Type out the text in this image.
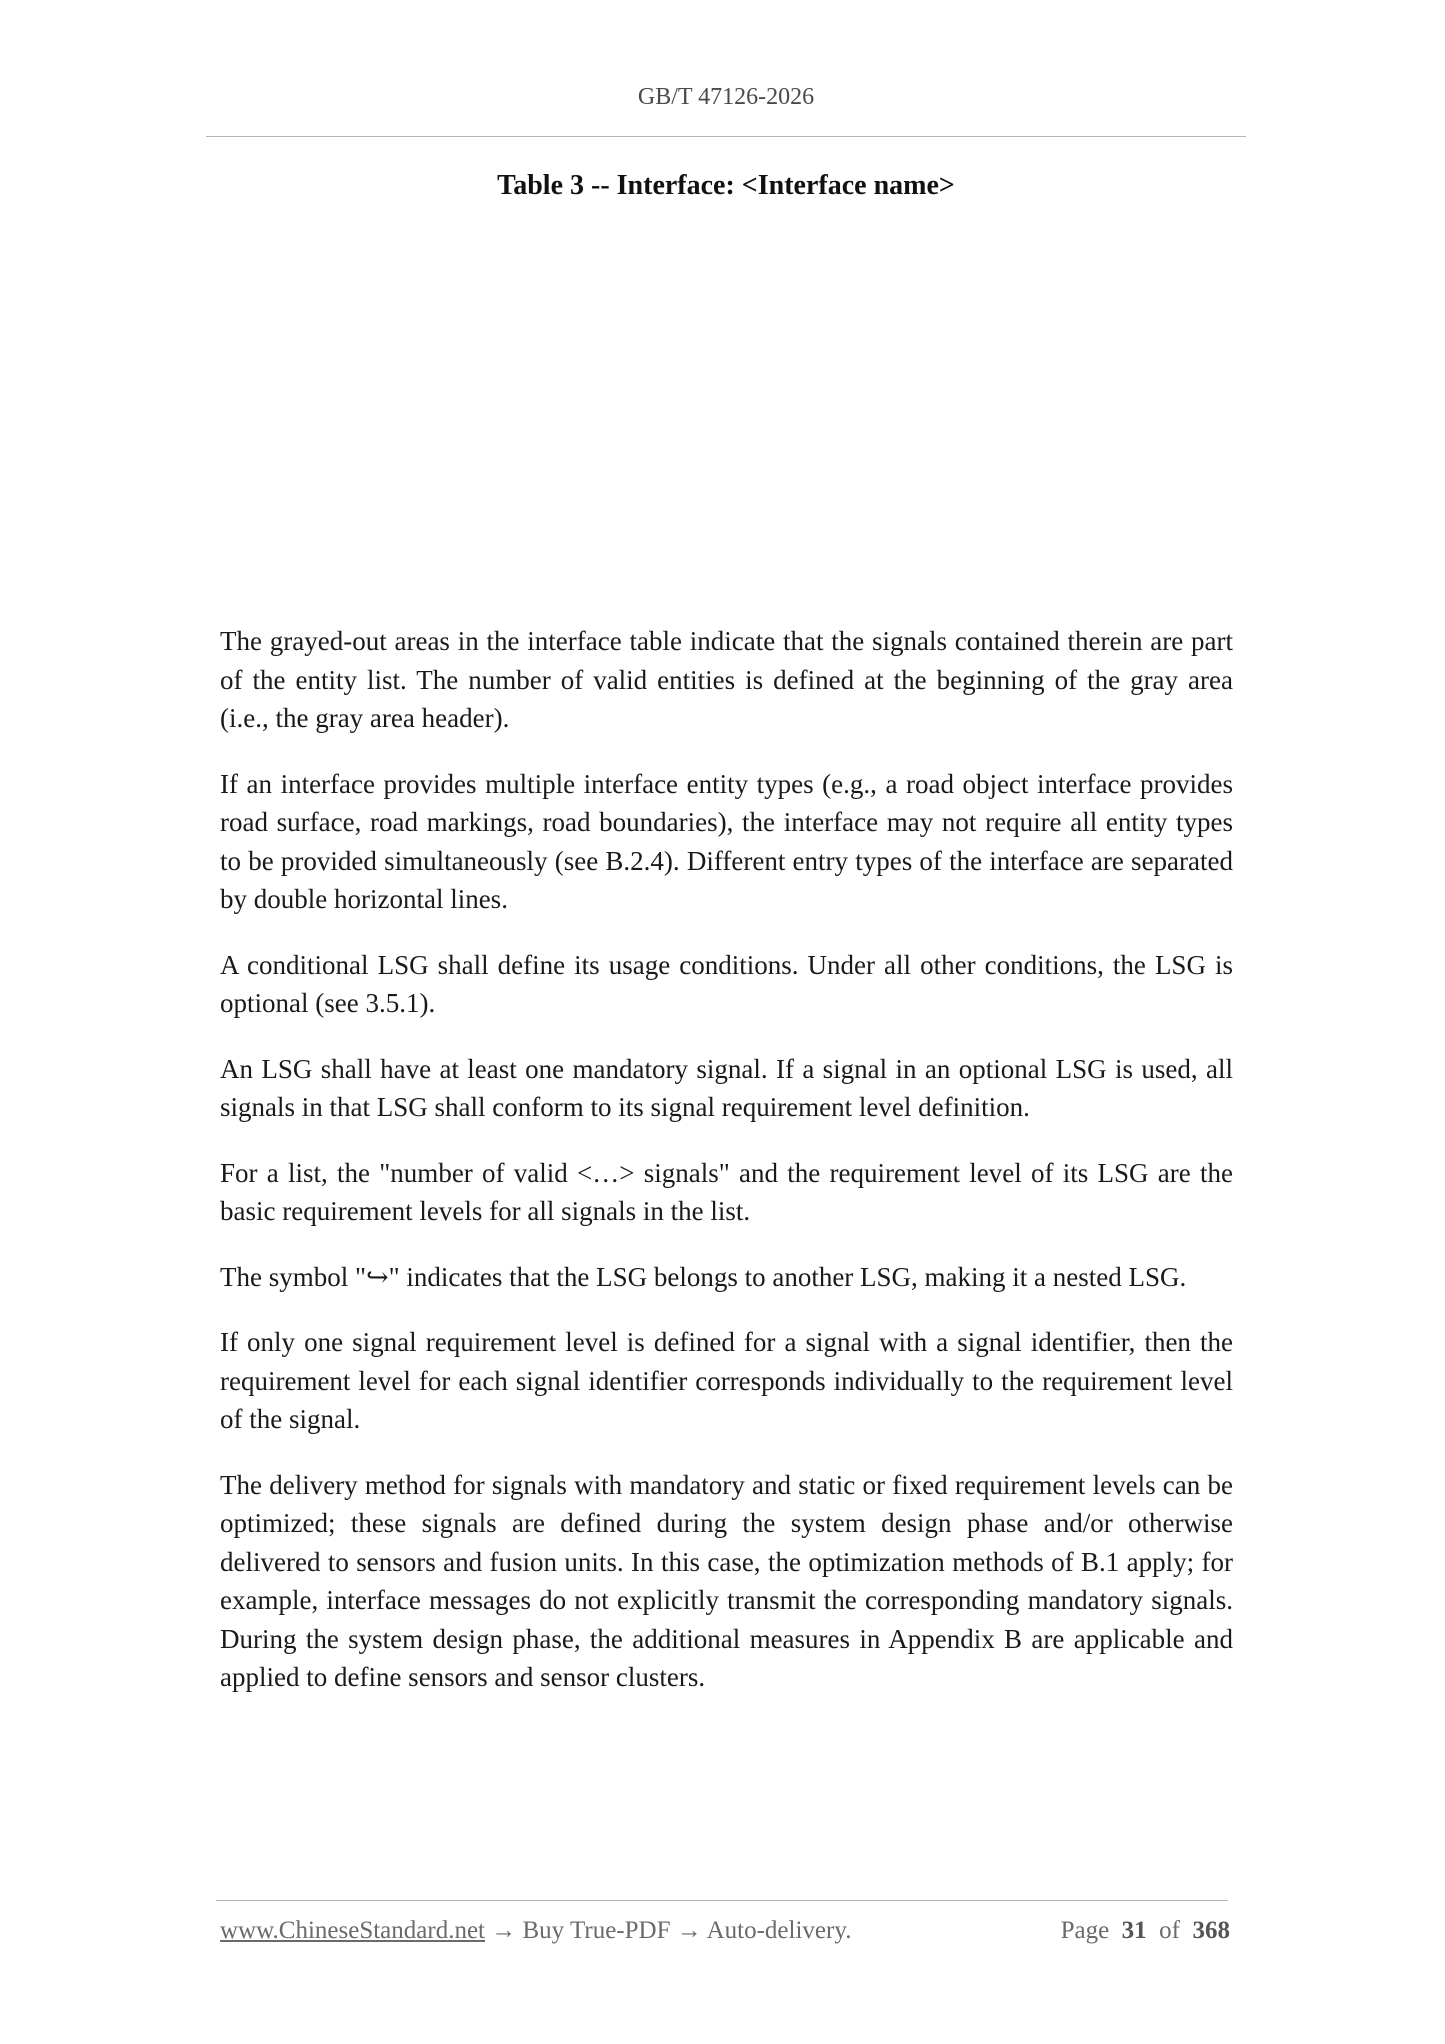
GB/T 47126-2026
Table 3 -- Interface: <Interface name>

The grayed-out areas in the interface table indicate that the signals contained therein are part of the entity list. The number of valid entities is defined at the beginning of the gray area (i.e., the gray area header).

If an interface provides multiple interface entity types (e.g., a road object interface provides road surface, road markings, road boundaries), the interface may not require all entity types to be provided simultaneously (see B.2.4). Different entry types of the interface are separated by double horizontal lines.

A conditional LSG shall define its usage conditions. Under all other conditions, the LSG is optional (see 3.5.1).

An LSG shall have at least one mandatory signal. If a signal in an optional LSG is used, all signals in that LSG shall conform to its signal requirement level definition.

For a list, the "number of valid <…> signals" and the requirement level of its LSG are the basic requirement levels for all signals in the list.

The symbol "↪" indicates that the LSG belongs to another LSG, making it a nested LSG.

If only one signal requirement level is defined for a signal with a signal identifier, then the requirement level for each signal identifier corresponds individually to the requirement level of the signal.

The delivery method for signals with mandatory and static or fixed requirement levels can be optimized; these signals are defined during the system design phase and/or otherwise delivered to sensors and fusion units. In this case, the optimization methods of B.1 apply; for example, interface messages do not explicitly transmit the corresponding mandatory signals. During the system design phase, the additional measures in Appendix B are applicable and applied to define sensors and sensor clusters.

www.ChineseStandard.net → Buy True-PDF → Auto-delivery.	Page 31 of 368
